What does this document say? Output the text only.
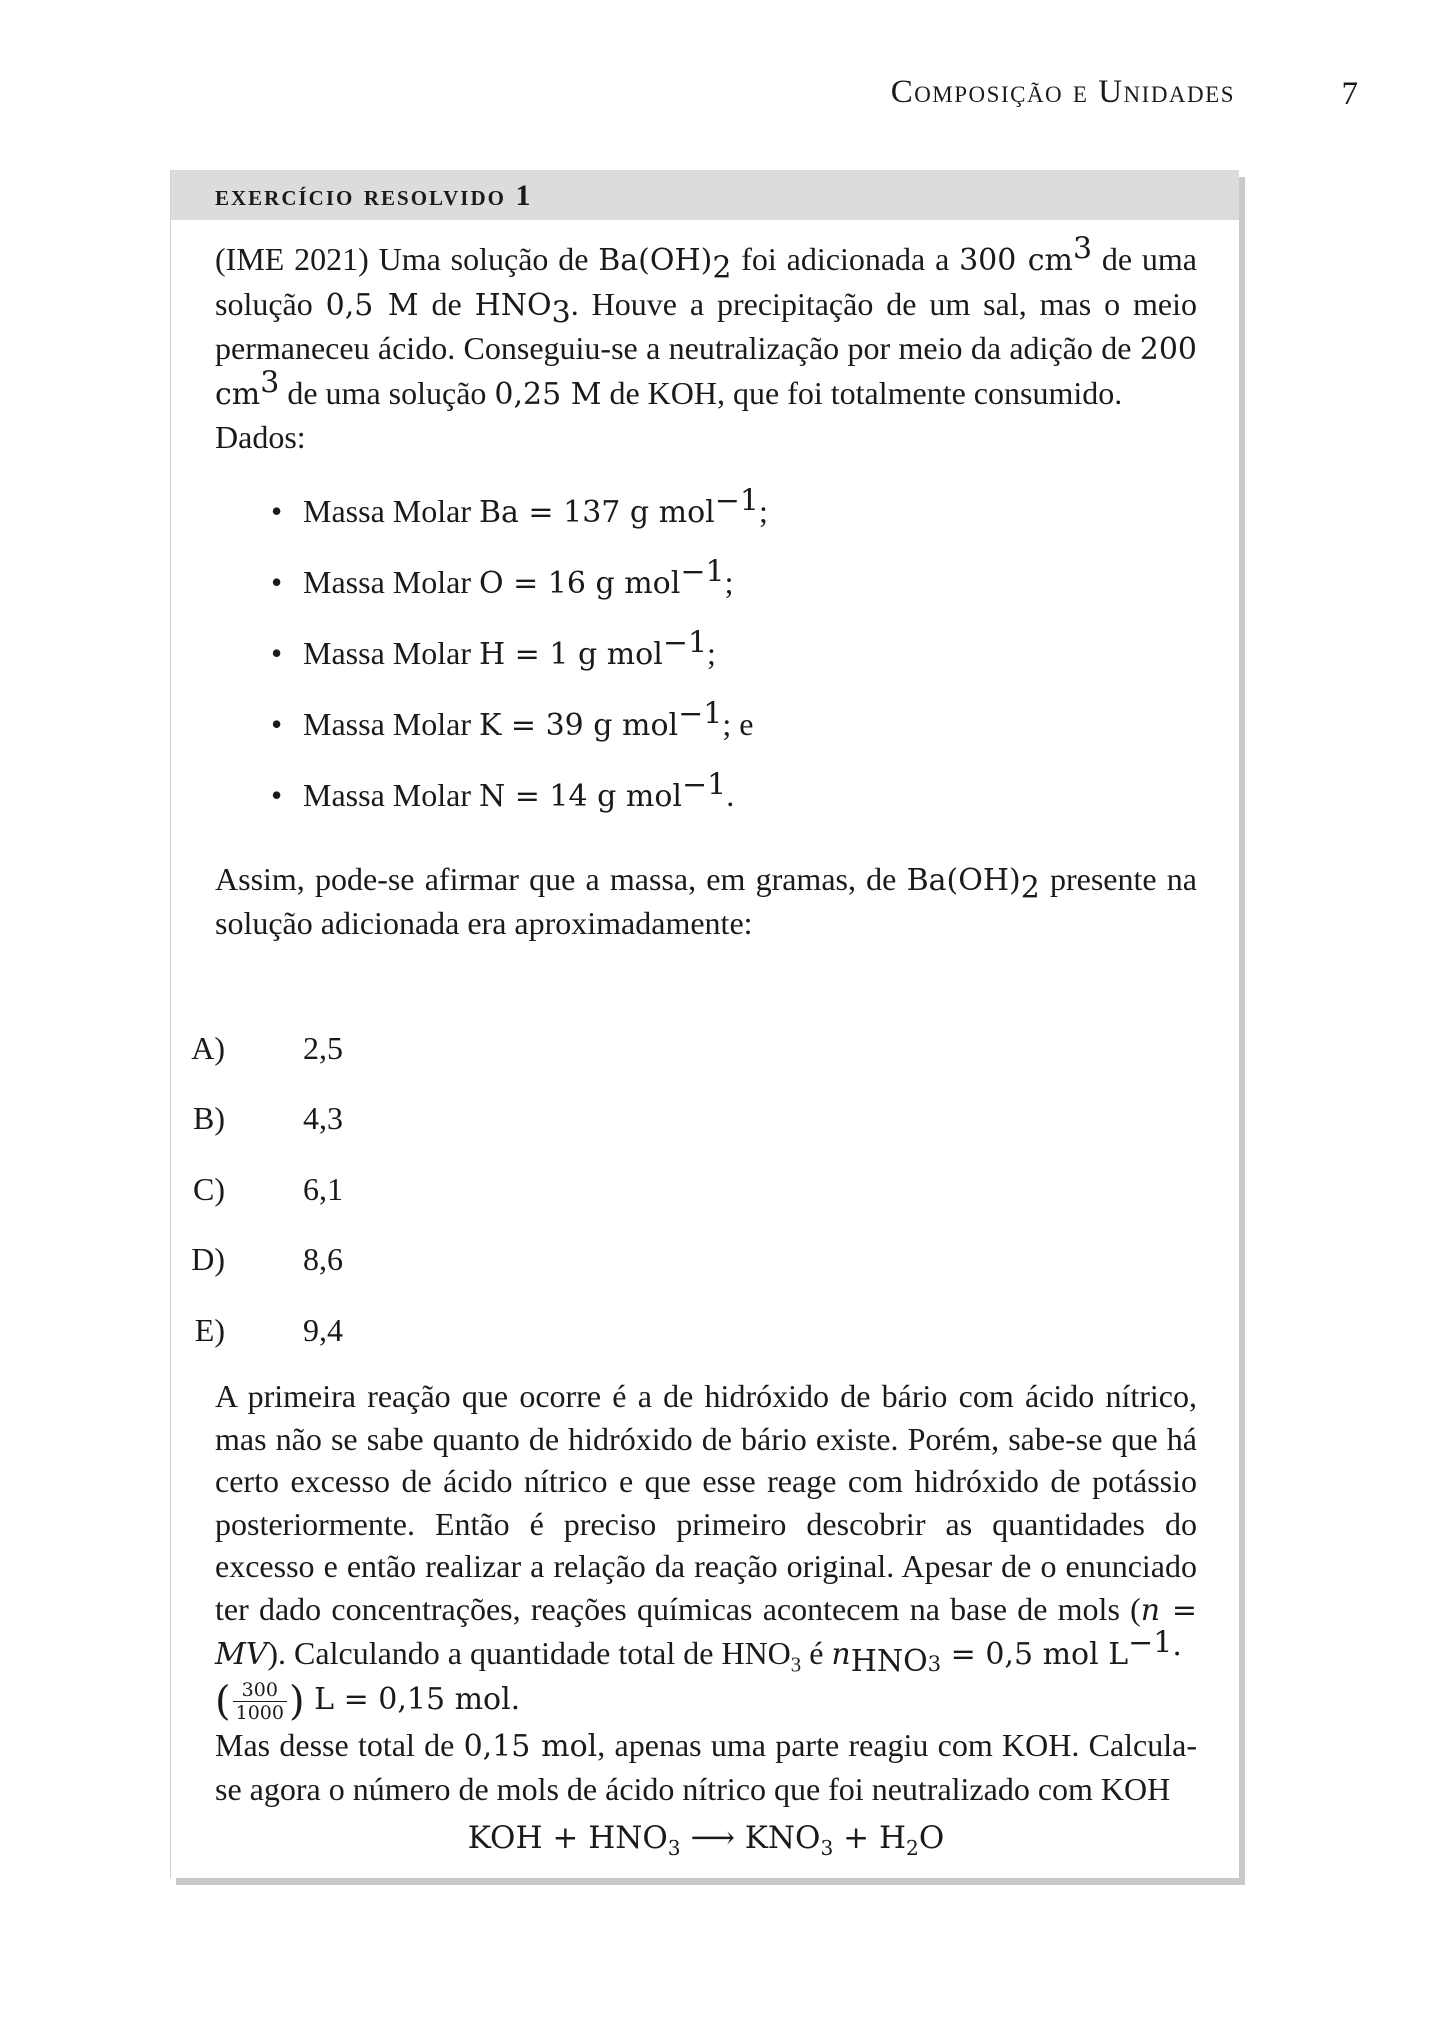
Composição e Unidades	7
exercício resolvido 1

(IME 2021) Uma solução de $Ba(OH)_2$ foi adicionada a 300 $cm^3$ de uma solução 0,5 M de $HNO_3$. Houve a precipitação de um sal, mas o meio permaneceu ácido. Conseguiu-se a neutralização por meio da adição de 200 $cm^3$ de uma solução 0,25 M de KOH, que foi totalmente consumido.

Dados:

• Massa Molar Ba = 137 g mol$^{-1}$;
• Massa Molar O = 16 g mol$^{-1}$;
• Massa Molar H = 1 g mol$^{-1}$;
• Massa Molar K = 39 g mol$^{-1}$; e
• Massa Molar N = 14 g mol$^{-1}$.

Assim, pode-se afirmar que a massa, em gramas, de $Ba(OH)_2$ presente na solução adicionada era aproximadamente:

A) 2,5
B) 4,3
C) 6,1
D) 8,6
E) 9,4

A primeira reação que ocorre é a de hidróxido de bário com ácido nítrico, mas não se sabe quanto de hidróxido de bário existe. Porém, sabe-se que há certo excesso de ácido nítrico e que esse reage com hidróxido de potássio posteriormente. Então é preciso primeiro descobrir as quantidades do excesso e então realizar a relação da reação original. Apesar de o enunciado ter dado concentrações, reações químicas acontecem na base de mols (n = MV). Calculando a quantidade total de $HNO_3$ é $n_{HNO3} = 0,5$ mol $L^{-1}\cdot$
( $\frac{300}{1000}$ ) L = 0,15 mol.

Mas desse total de 0,15 mol, apenas uma parte reagiu com KOH. Calcula-se agora o número de mols de ácido nítrico que foi neutralizado com KOH

KOH + $HNO_3$ ⟶ $KNO_3 + H_2O$
